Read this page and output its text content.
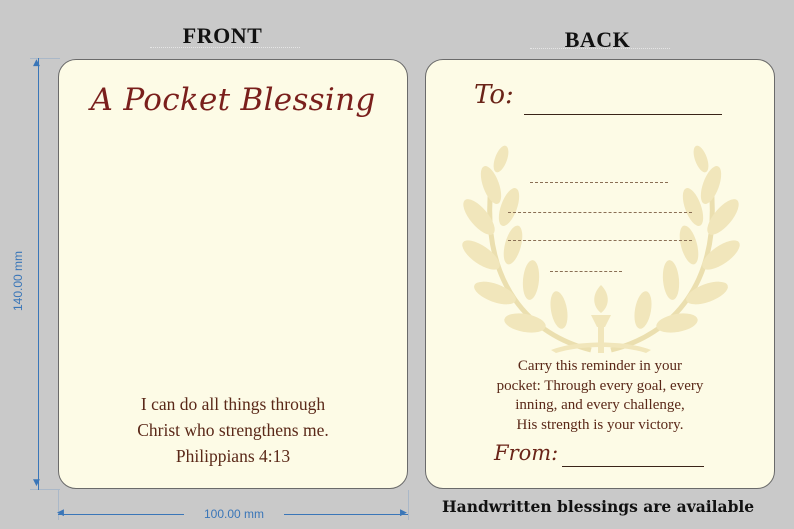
FRONT	BACK
▲
▼
140.00 mm
◀	▶
100.00 mm
A Pocket Blessing
I can do all things through
Christ who strengthens me.
Philippians 4:13
To:
Carry this reminder in your
pocket: Through every goal, every
inning, and every challenge,
His strength is your victory.
From:
Handwritten blessings are available
